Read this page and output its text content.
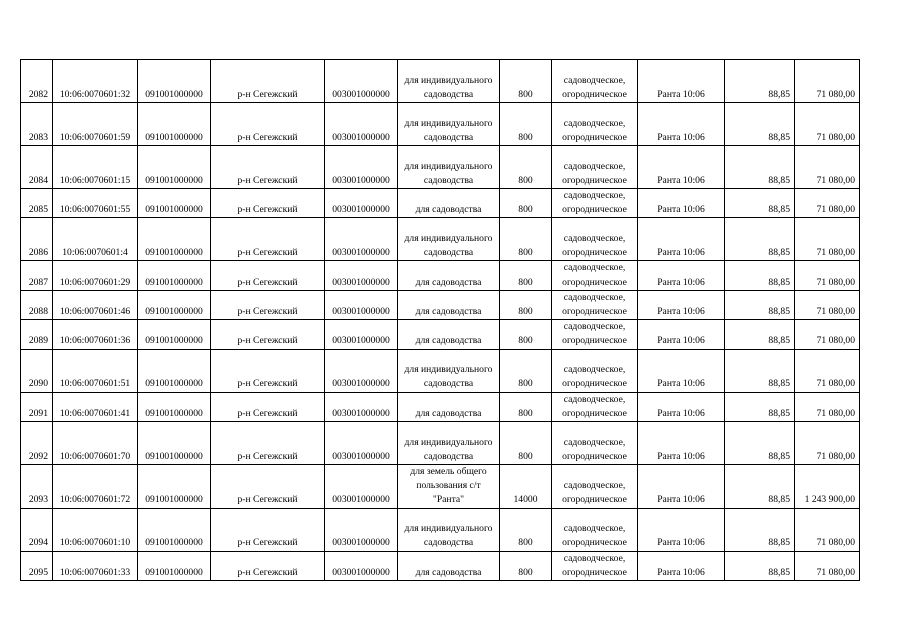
2082	10:06:0070601:32	091001000000	р-н Сегежский	003001000000	для индивидуального садоводства	800	садоводческое, огородническое	Ранта 10:06	88,85	71 080,00
2083	10:06:0070601:59	091001000000	р-н Сегежский	003001000000	для индивидуального садоводства	800	садоводческое, огородническое	Ранта 10:06	88,85	71 080,00
2084	10:06:0070601:15	091001000000	р-н Сегежский	003001000000	для индивидуального садоводства	800	садоводческое, огородническое	Ранта 10:06	88,85	71 080,00
2085	10:06:0070601:55	091001000000	р-н Сегежский	003001000000	для садоводства	800	садоводческое, огородническое	Ранта 10:06	88,85	71 080,00
2086	10:06:0070601:4	091001000000	р-н Сегежский	003001000000	для индивидуального садоводства	800	садоводческое, огородническое	Ранта 10:06	88,85	71 080,00
2087	10:06:0070601:29	091001000000	р-н Сегежский	003001000000	для садоводства	800	садоводческое, огородническое	Ранта 10:06	88,85	71 080,00
2088	10:06:0070601:46	091001000000	р-н Сегежский	003001000000	для садоводства	800	садоводческое, огородническое	Ранта 10:06	88,85	71 080,00
2089	10:06:0070601:36	091001000000	р-н Сегежский	003001000000	для садоводства	800	садоводческое, огородническое	Ранта 10:06	88,85	71 080,00
2090	10:06:0070601:51	091001000000	р-н Сегежский	003001000000	для индивидуального садоводства	800	садоводческое, огородническое	Ранта 10:06	88,85	71 080,00
2091	10:06:0070601:41	091001000000	р-н Сегежский	003001000000	для садоводства	800	садоводческое, огородническое	Ранта 10:06	88,85	71 080,00
2092	10:06:0070601:70	091001000000	р-н Сегежский	003001000000	для индивидуального садоводства	800	садоводческое, огородническое	Ранта 10:06	88,85	71 080,00
2093	10:06:0070601:72	091001000000	р-н Сегежский	003001000000	для земель общего пользования с/т "Ранта"	14000	садоводческое, огородническое	Ранта 10:06	88,85	1 243 900,00
2094	10:06:0070601:10	091001000000	р-н Сегежский	003001000000	для индивидуального садоводства	800	садоводческое, огородническое	Ранта 10:06	88,85	71 080,00
2095	10:06:0070601:33	091001000000	р-н Сегежский	003001000000	для садоводства	800	садоводческое, огородническое	Ранта 10:06	88,85	71 080,00
